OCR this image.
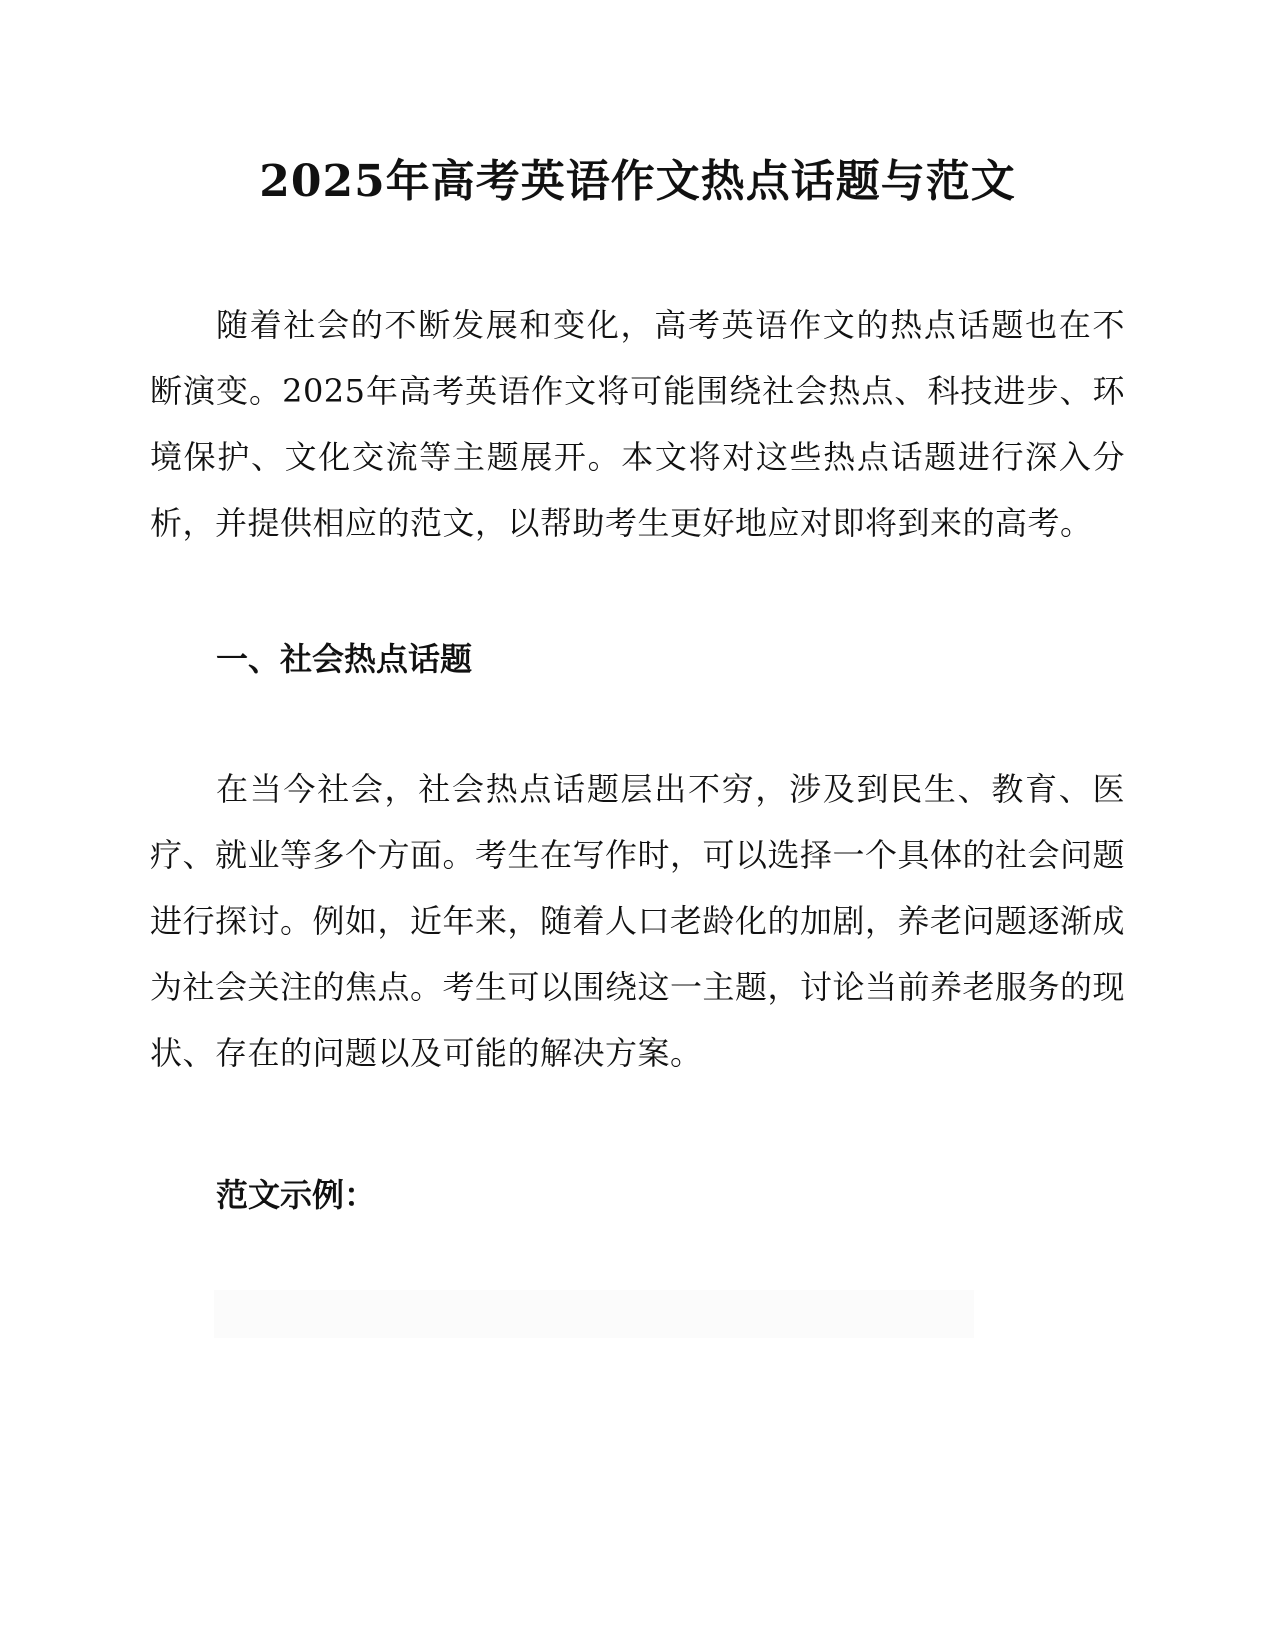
2025年高考英语作文热点话题与范文
随着社会的不断发展和变化，高考英语作文的热点话题也在不断演变。2025年高考英语作文将可能围绕社会热点、科技进步、环境保护、文化交流等主题展开。本文将对这些热点话题进行深入分析，并提供相应的范文，以帮助考生更好地应对即将到来的高考。
一、社会热点话题
在当今社会，社会热点话题层出不穷，涉及到民生、教育、医疗、就业等多个方面。考生在写作时，可以选择一个具体的社会问题进行探讨。例如，近年来，随着人口老龄化的加剧，养老问题逐渐成为社会关注的焦点。考生可以围绕这一主题，讨论当前养老服务的现状、存在的问题以及可能的解决方案。
范文示例：
